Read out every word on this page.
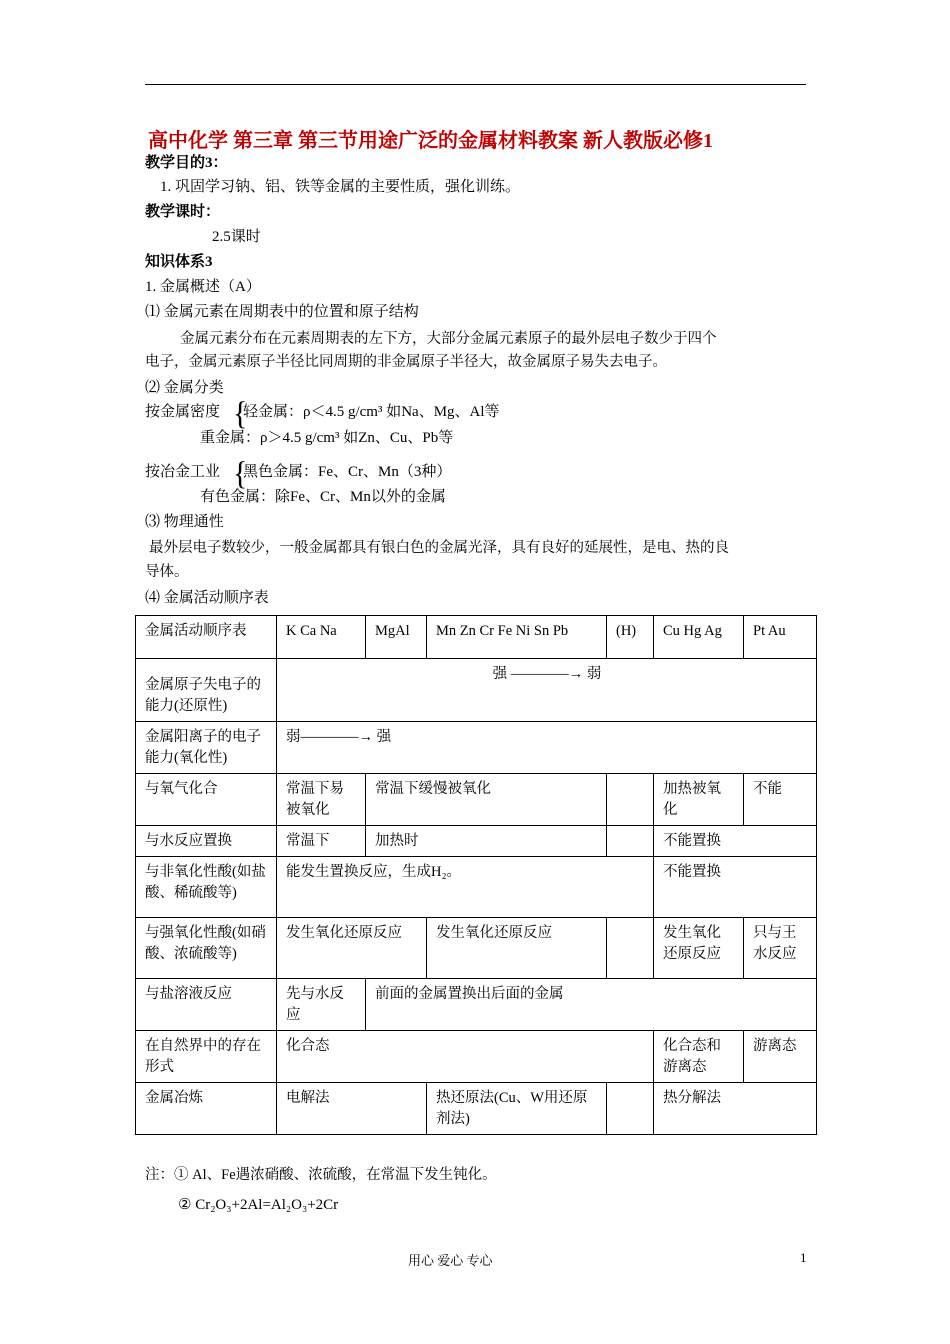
高中化学 第三章 第三节用途广泛的金属材料教案 新人教版必修1
教学目的3：
1. 巩固学习钠、铝、铁等金属的主要性质，强化训练。
教学课时：
2.5课时
知识体系3
1. 金属概述（A）
⑴ 金属元素在周期表中的位置和原子结构
金属元素分布在元素周期表的左下方，大部分金属元素原子的最外层电子数少于四个
电子，金属元素原子半径比同周期的非金属原子半径大，故金属原子易失去电子。
⑵ 金属分类
按金属密度 {
轻金属：ρ＜4.5 g/cm³ 如Na、Mg、Al等
重金属：ρ＞4.5 g/cm³ 如Zn、Cu、Pb等
按冶金工业 {
黑色金属：Fe、Cr、Mn（3种）
有色金属：除Fe、Cr、Mn以外的金属
⑶ 物理通性
最外层电子数较少，一般金属都具有银白色的金属光泽，具有良好的延展性，是电、热的良
导体。
⑷ 金属活动顺序表
金属活动顺序表	K Ca Na	MgAl	Mn Zn Cr Fe Ni Sn Pb	(H)	Cu Hg Ag	Pt Au
金属原子失电子的能力(还原性)	强 ————→ 弱					
金属阳离子的电子能力(氧化性)	弱————→ 强					
与氧气化合	常温下易被氧化	常温下缓慢被氧化			加热被氧化	不能
与水反应置换	常温下	加热时			不能置换	
与非氧化性酸(如盐酸、稀硫酸等)	能发生置换反应，生成H₂。				不能置换	
与强氧化性酸(如硝酸、浓硫酸等)	发生氧化还原反应		发生氧化还原反应		发生氧化还原反应	只与王水反应
与盐溶液反应	先与水反应	前面的金属置换出后面的金属				
在自然界中的存在形式	化合态				化合态和游离态	游离态
金属冶炼	电解法		热还原法(Cu、W用还原剂法)		热分解法	
注：① Al、Fe遇浓硝酸、浓硫酸，在常温下发生钝化。
② Cr₂O₃+2Al=Al₂O₃+2Cr
用心 爱心 专心	1
